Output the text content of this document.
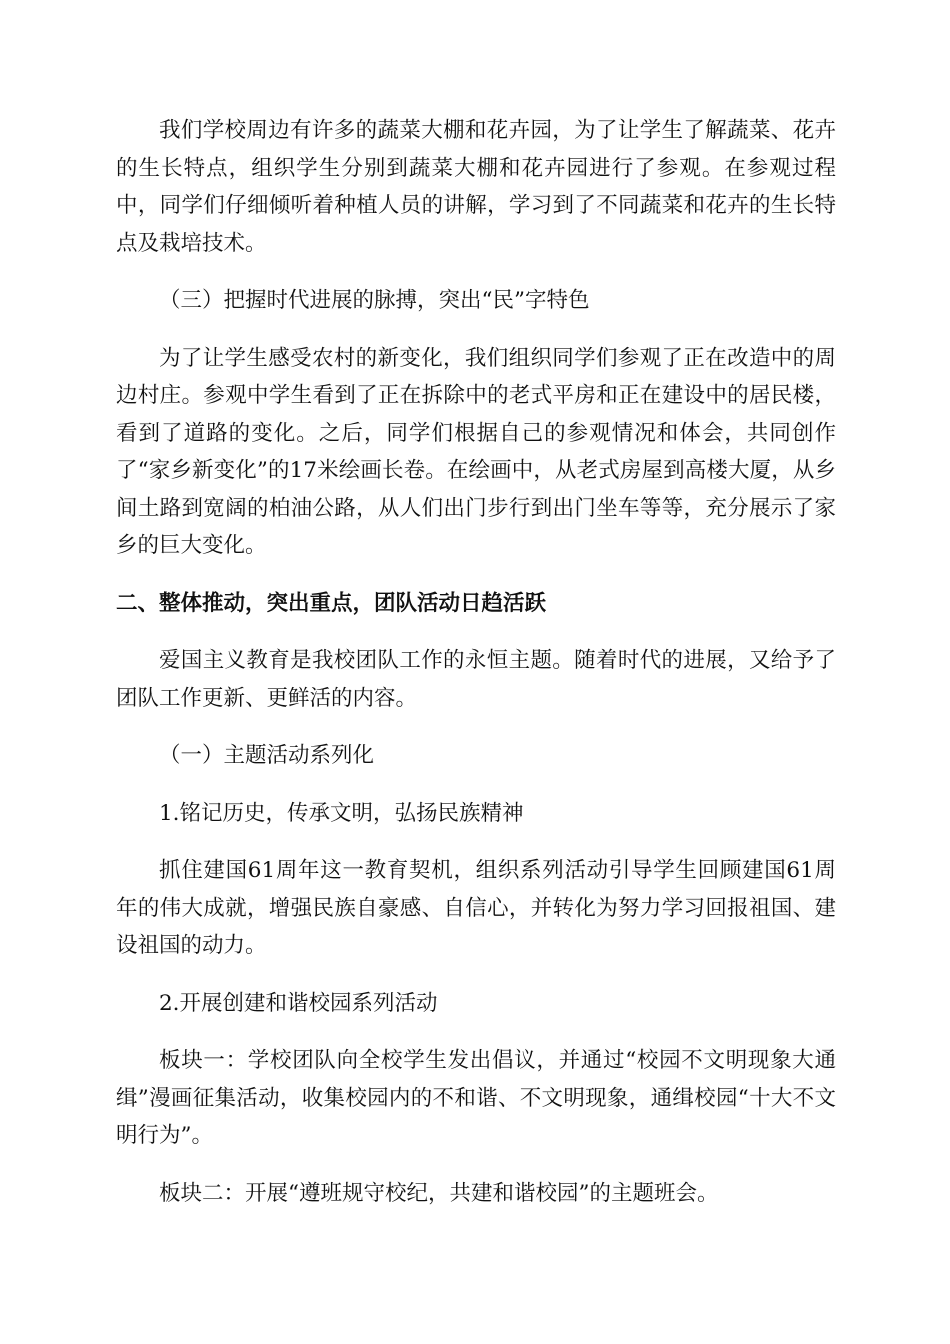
我们学校周边有许多的蔬菜大棚和花卉园，为了让学生了解蔬菜、花卉的生长特点，组织学生分别到蔬菜大棚和花卉园进行了参观。在参观过程中，同学们仔细倾听着种植人员的讲解，学习到了不同蔬菜和花卉的生长特点及栽培技术。

（三）把握时代进展的脉搏，突出“民”字特色

为了让学生感受农村的新变化，我们组织同学们参观了正在改造中的周边村庄。参观中学生看到了正在拆除中的老式平房和正在建设中的居民楼，看到了道路的变化。之后，同学们根据自己的参观情况和体会，共同创作了“家乡新变化”的17米绘画长卷。在绘画中，从老式房屋到高楼大厦，从乡间土路到宽阔的柏油公路，从人们出门步行到出门坐车等等，充分展示了家乡的巨大变化。

二、整体推动，突出重点，团队活动日趋活跃

爱国主义教育是我校团队工作的永恒主题。随着时代的进展，又给予了团队工作更新、更鲜活的内容。

（一）主题活动系列化

1.铭记历史，传承文明，弘扬民族精神

抓住建国61周年这一教育契机，组织系列活动引导学生回顾建国61周年的伟大成就，增强民族自豪感、自信心，并转化为努力学习回报祖国、建设祖国的动力。

2.开展创建和谐校园系列活动

板块一：学校团队向全校学生发出倡议，并通过“校园不文明现象大通缉”漫画征集活动，收集校园内的不和谐、不文明现象，通缉校园“十大不文明行为”。

板块二：开展“遵班规守校纪，共建和谐校园”的主题班会。
